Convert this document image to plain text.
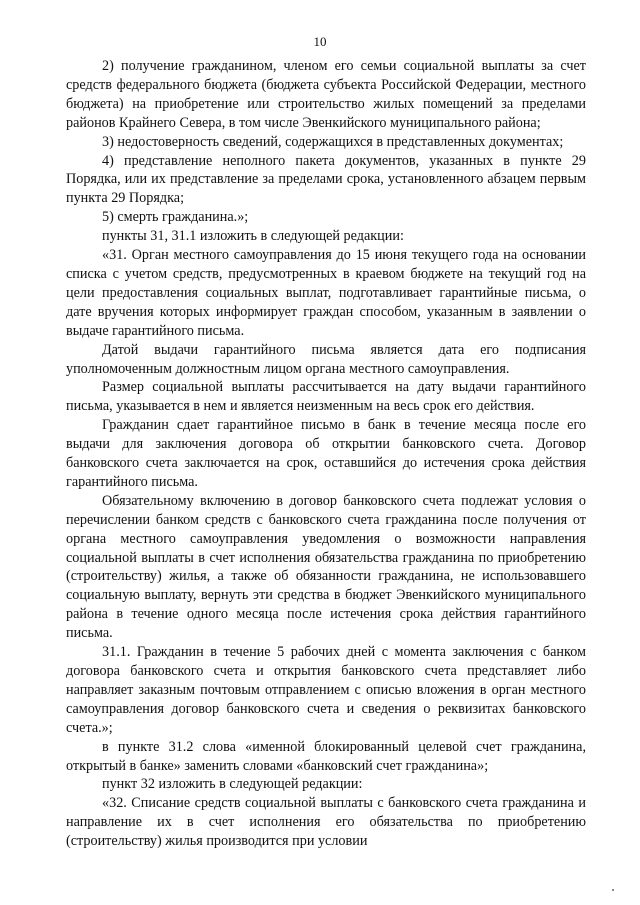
10

2) получение гражданином, членом его семьи социальной выплаты за счет средств федерального бюджета (бюджета субъекта Российской Федерации, местного бюджета) на приобретение или строительство жилых помещений за пределами районов Крайнего Севера, в том числе Эвенкийского муниципального района;

3) недостоверность сведений, содержащихся в представленных документах;

4) представление неполного пакета документов, указанных в пункте 29 Порядка, или их представление за пределами срока, установленного абзацем первым пункта 29 Порядка;

5) смерть гражданина.»;

пункты 31, 31.1 изложить в следующей редакции:

«31. Орган местного самоуправления до 15 июня текущего года на основании списка с учетом средств, предусмотренных в краевом бюджете на текущий год на цели предоставления социальных выплат, подготавливает гарантийные письма, о дате вручения которых информирует граждан способом, указанным в заявлении о выдаче гарантийного письма.

Датой выдачи гарантийного письма является дата его подписания уполномоченным должностным лицом органа местного самоуправления.

Размер социальной выплаты рассчитывается на дату выдачи гарантийного письма, указывается в нем и является неизменным на весь срок его действия.

Гражданин сдает гарантийное письмо в банк в течение месяца после его выдачи для заключения договора об открытии банковского счета. Договор банковского счета заключается на срок, оставшийся до истечения срока действия гарантийного письма.

Обязательному включению в договор банковского счета подлежат условия о перечислении банком средств с банковского счета гражданина после получения от органа местного самоуправления уведомления о возможности направления социальной выплаты в счет исполнения обязательства гражданина по приобретению (строительству) жилья, а также об обязанности гражданина, не использовавшего социальную выплату, вернуть эти средства в бюджет Эвенкийского муниципального района в течение одного месяца после истечения срока действия гарантийного письма.

31.1. Гражданин в течение 5 рабочих дней с момента заключения с банком договора банковского счета и открытия банковского счета представляет либо направляет заказным почтовым отправлением с описью вложения в орган местного самоуправления договор банковского счета и сведения о реквизитах банковского счета.»;

в пункте 31.2 слова «именной блокированный целевой счет гражданина, открытый в банке» заменить словами «банковский счет гражданина»;

пункт 32 изложить в следующей редакции:

«32. Списание средств социальной выплаты с банковского счета гражданина и направление их в счет исполнения его обязательства по приобретению (строительству) жилья производится при условии
